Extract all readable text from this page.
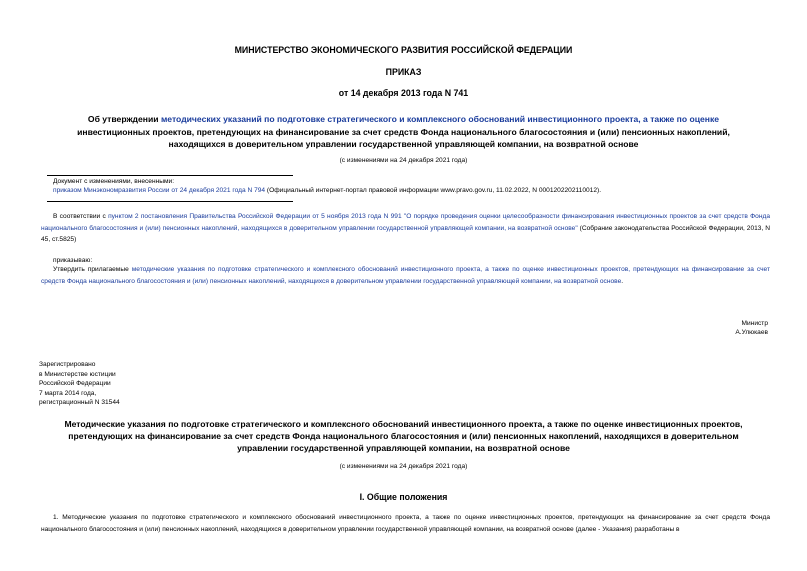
МИНИСТЕРСТВО ЭКОНОМИЧЕСКОГО РАЗВИТИЯ РОССИЙСКОЙ ФЕДЕРАЦИИ
ПРИКАЗ
от 14 декабря 2013 года N 741
Об утверждении методических указаний по подготовке стратегического и комплексного обоснований инвестиционного проекта, а также по оценке
инвестиционных проектов, претендующих на финансирование за счет средств Фонда национального благосостояния и (или) пенсионных накоплений,
находящихся в доверительном управлении государственной управляющей компании, на возвратной основе
(с изменениями на 24 декабря 2021 года)
Документ с изменениями, внесенными:
приказом Минэкономразвития России от 24 декабря 2021 года N 794 (Официальный интернет-портал правовой информации www.pravo.gov.ru, 11.02.2022, N 0001202202110012).
В соответствии с пунктом 2 постановления Правительства Российской Федерации от 5 ноября 2013 года N 991 "О порядке проведения оценки целесообразности финансирования инвестиционных проектов за счет средств Фонда национального благосостояния и (или) пенсионных накоплений, находящихся в доверительном управлении государственной управляющей компании, на возвратной основе" (Собрание законодательства Российской Федерации, 2013, N 45, ст.5825)
приказываю:
Утвердить прилагаемые методические указания по подготовке стратегического и комплексного обоснований инвестиционного проекта, а также по оценке инвестиционных проектов, претендующих на финансирование за счет средств Фонда национального благосостояния и (или) пенсионных накоплений, находящихся в доверительном управлении государственной управляющей компании, на возвратной основе.
Министр
А.Улюкаев
Зарегистрировано
в Министерстве юстиции
Российской Федерации
7 марта 2014 года,
регистрационный N 31544
Методические указания по подготовке стратегического и комплексного обоснований инвестиционного проекта, а также по оценке инвестиционных проектов,
претендующих на финансирование за счет средств Фонда национального благосостояния и (или) пенсионных накоплений, находящихся в доверительном
управлении государственной управляющей компании, на возвратной основе
(с изменениями на 24 декабря 2021 года)
I. Общие положения
1. Методические указания по подготовке стратегического и комплексного обоснований инвестиционного проекта, а также по оценке инвестиционных проектов, претендующих на финансирование за счет средств Фонда национального благосостояния и (или) пенсионных накоплений, находящихся в доверительном управлении государственной управляющей компании, на возвратной основе (далее - Указания) разработаны в
